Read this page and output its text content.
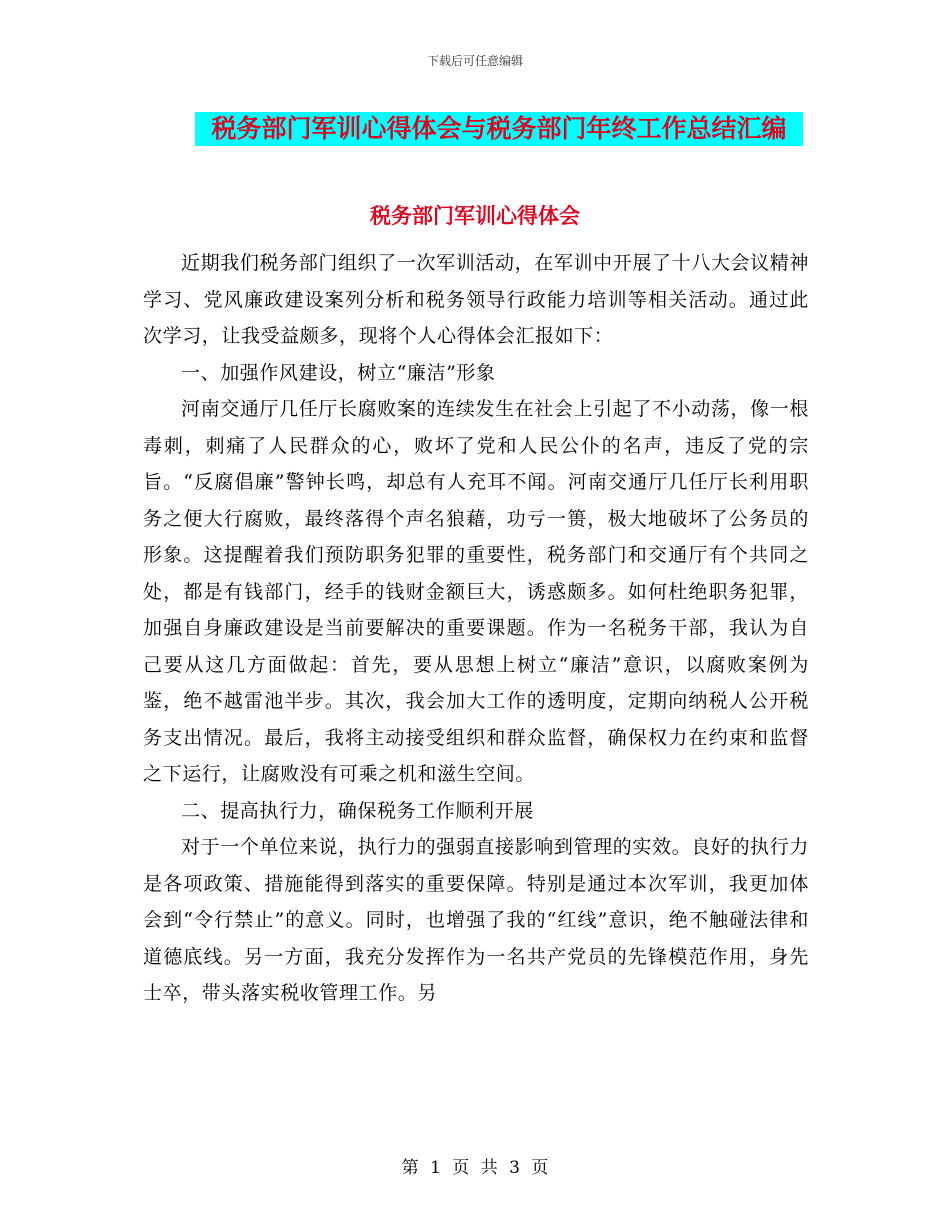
下载后可任意编辑
税务部门军训心得体会与税务部门年终工作总结汇编
税务部门军训心得体会

近期我们税务部门组织了一次军训活动，在军训中开展了十八大会议精神学习、党风廉政建设案列分析和税务领导行政能力培训等相关活动。通过此次学习，让我受益颇多，现将个人心得体会汇报如下：

一、加强作风建设，树立“廉洁”形象

河南交通厅几任厅长腐败案的连续发生在社会上引起了不小动荡，像一根毒刺，刺痛了人民群众的心，败坏了党和人民公仆的名声，违反了党的宗旨。“反腐倡廉”警钟长鸣，却总有人充耳不闻。河南交通厅几任厅长利用职务之便大行腐败，最终落得个声名狼藉，功亏一篑，极大地破坏了公务员的形象。这提醒着我们预防职务犯罪的重要性，税务部门和交通厅有个共同之处，都是有钱部门，经手的钱财金额巨大，诱惑颇多。如何杜绝职务犯罪，加强自身廉政建设是当前要解决的重要课题。作为一名税务干部，我认为自己要从这几方面做起：首先，要从思想上树立“廉洁”意识，以腐败案例为鉴，绝不越雷池半步。其次，我会加大工作的透明度，定期向纳税人公开税务支出情况。最后，我将主动接受组织和群众监督，确保权力在约束和监督之下运行，让腐败没有可乘之机和滋生空间。

二、提高执行力，确保税务工作顺利开展

对于一个单位来说，执行力的强弱直接影响到管理的实效。良好的执行力是各项政策、措施能得到落实的重要保障。特别是通过本次军训，我更加体会到“令行禁止”的意义。同时，也增强了我的“红线”意识，绝不触碰法律和道德底线。另一方面，我充分发挥作为一名共产党员的先锋模范作用，身先士卒，带头落实税收管理工作。另

第 1 页 共 3 页
